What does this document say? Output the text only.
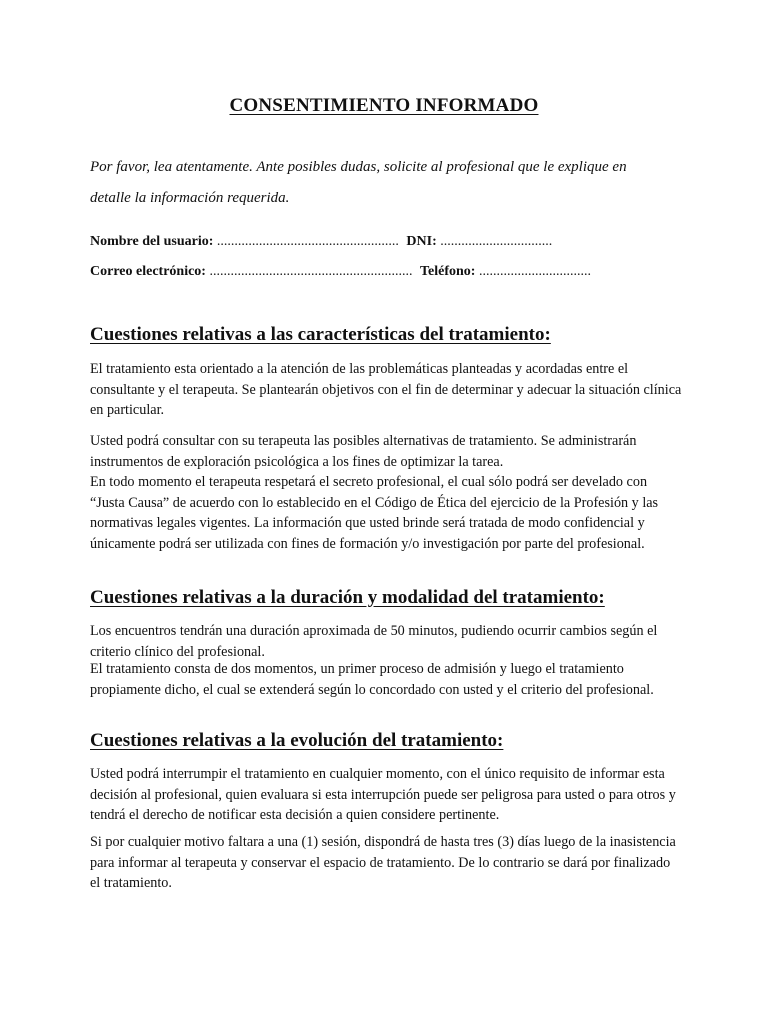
CONSENTIMIENTO INFORMADO

Por favor, lea atentamente. Ante posibles dudas, solicite al profesional que le explique en
detalle la información requerida.

Nombre del usuario: .................................................... DNI: ................................
Correo electrónico: .......................................................... Teléfono: ................................
Cuestiones relativas a las características del tratamiento:

El tratamiento esta orientado a la atención de las problemáticas planteadas y acordadas entre el consultante y el terapeuta. Se plantearán objetivos con el fin de determinar y adecuar la situación clínica en particular.

Usted podrá consultar con su terapeuta las posibles alternativas de tratamiento. Se administrarán instrumentos de exploración psicológica a los fines de optimizar la tarea.

En todo momento el terapeuta respetará el secreto profesional, el cual sólo podrá ser develado con “Justa Causa” de acuerdo con lo establecido en el Código de Ética del ejercicio de la Profesión y las normativas legales vigentes. La información que usted brinde será tratada de modo confidencial y únicamente podrá ser utilizada con fines de formación y/o investigación por parte del profesional.

Cuestiones relativas a la duración y modalidad del tratamiento:

Los encuentros tendrán una duración aproximada de 50 minutos, pudiendo ocurrir cambios según el criterio clínico del profesional.

El tratamiento consta de dos momentos, un primer proceso de admisión y luego el tratamiento propiamente dicho, el cual se extenderá según lo concordado con usted y el criterio del profesional.

Cuestiones relativas a la evolución del tratamiento:

Usted podrá interrumpir el tratamiento en cualquier momento, con el único requisito de informar esta decisión al profesional, quien evaluara si esta interrupción puede ser peligrosa para usted o para otros y tendrá el derecho de notificar esta decisión a quien considere pertinente.

Si por cualquier motivo faltara a una (1) sesión, dispondrá de hasta tres (3) días luego de la inasistencia para informar al terapeuta y conservar el espacio de tratamiento. De lo contrario se dará por finalizado el tratamiento.
